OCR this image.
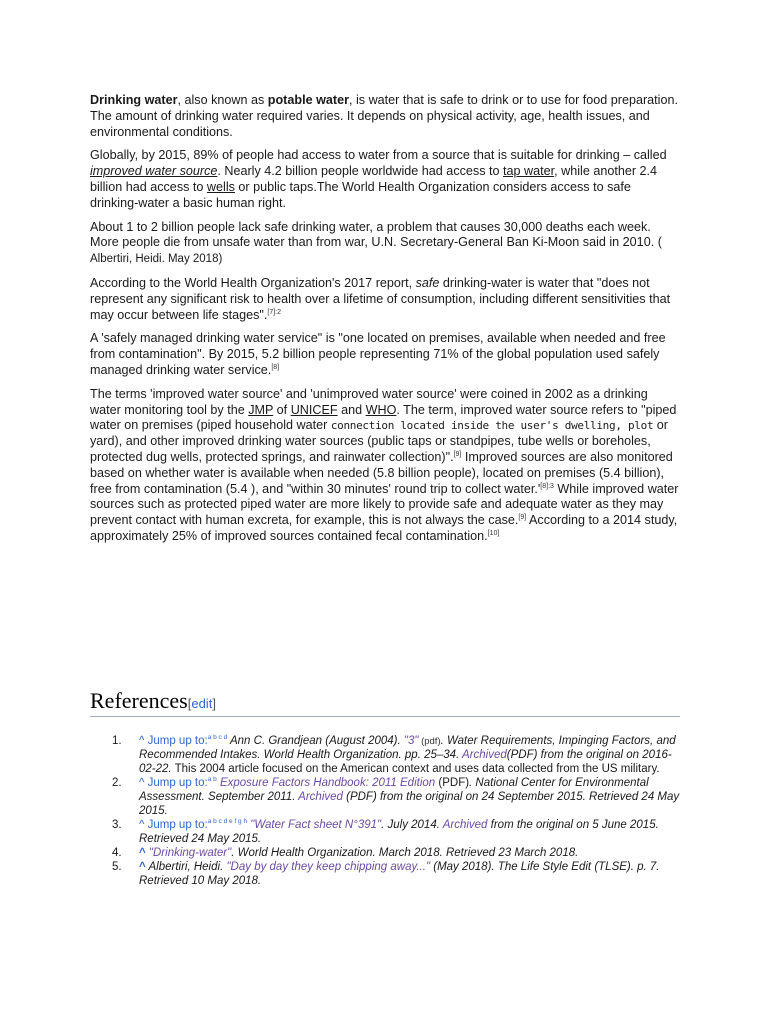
Drinking water, also known as potable water, is water that is safe to drink or to use for food preparation. The amount of drinking water required varies. It depends on physical activity, age, health issues, and environmental conditions.

Globally, by 2015, 89% of people had access to water from a source that is suitable for drinking – called improved water source. Nearly 4.2 billion people worldwide had access to tap water, while another 2.4 billion had access to wells or public taps.The World Health Organization considers access to safe drinking-water a basic human right.

About 1 to 2 billion people lack safe drinking water, a problem that causes 30,000 deaths each week. More people die from unsafe water than from war, U.N. Secretary-General Ban Ki-Moon said in 2010. ( Albertiri, Heidi. May 2018)

According to the World Health Organization's 2017 report, safe drinking-water is water that "does not represent any significant risk to health over a lifetime of consumption, including different sensitivities that may occur between life stages".$^{[7]:2}$

A 'safely managed drinking water service" is "one located on premises, available when needed and free from contamination". By 2015, 5.2 billion people representing 71% of the global population used safely managed drinking water service.[8]

The terms 'improved water source' and 'unimproved water source' were coined in 2002 as a drinking water monitoring tool by the JMP of UNICEF and WHO. The term, improved water source refers to "piped water on premises (piped household water connection located inside the user's dwelling, plot or yard), and other improved drinking water sources (public taps or standpipes, tube wells or boreholes, protected dug wells, protected springs, and rainwater collection)".[9] Improved sources are also monitored based on whether water is available when needed (5.8 billion people), located on premises (5.4 billion), free from contamination (5.4 ), and "within 30 minutes' round trip to collect $water.'^{[8]:3}$ While improved water sources such as protected piped water are more likely to provide safe and adequate water as they may prevent contact with human excreta, for example, this is not always the case.[9] According to a 2014 study, approximately 25% of improved sources contained fecal contamination.[10]

References[edit]
1.	^ Jump up to:$^{a b c d}$ Ann C. Grandjean (August 2004). "3" (pdf). Water Requirements, Impinging Factors, and Recommended Intakes. World Health Organization. pp. 25–34. Archived(PDF) from the original on 2016-02-22. This 2004 article focused on the American context and uses data collected from the US military.
2.	^ Jump up to:$^{a b}$ Exposure Factors Handbook: 2011 Edition (PDF). National Center for Environmental Assessment. September 2011. Archived (PDF) from the original on 24 September 2015. Retrieved 24 May 2015.
3.	^ Jump up to:$^{a b c d e f g h}$ "Water Fact sheet N°391". July 2014. Archived from the original on 5 June 2015. Retrieved 24 May 2015.
4.	^ "Drinking-water". World Health Organization. March 2018. Retrieved 23 March 2018.
5.	^ Albertiri, Heidi. "Day by day they keep chipping away..." (May 2018). The Life Style Edit (TLSE). p. 7. Retrieved 10 May 2018.
